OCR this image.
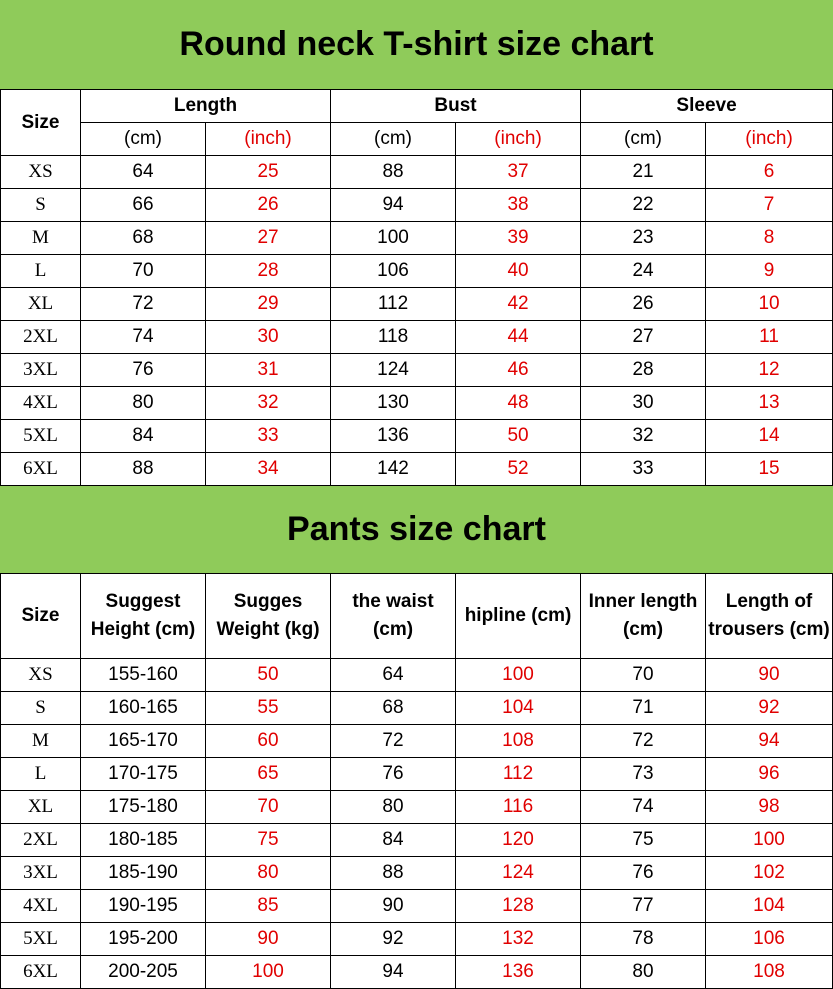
Round neck T-shirt size chart
Size	Length		Bust		Sleeve	
	(cm)	(inch)	(cm)	(inch)	(cm)	(inch)
XS	64	25	88	37	21	6
S	66	26	94	38	22	7
M	68	27	100	39	23	8
L	70	28	106	40	24	9
XL	72	29	112	42	26	10
2XL	74	30	118	44	27	11
3XL	76	31	124	46	28	12
4XL	80	32	130	48	30	13
5XL	84	33	136	50	32	14
6XL	88	34	142	52	33	15
Pants size chart
Size	Suggest Height (cm)	Sugges Weight (kg)	the waist (cm)	hipline (cm)	Inner length (cm)	Length of trousers (cm)
XS	155-160	50	64	100	70	90
S	160-165	55	68	104	71	92
M	165-170	60	72	108	72	94
L	170-175	65	76	112	73	96
XL	175-180	70	80	116	74	98
2XL	180-185	75	84	120	75	100
3XL	185-190	80	88	124	76	102
4XL	190-195	85	90	128	77	104
5XL	195-200	90	92	132	78	106
6XL	200-205	100	94	136	80	108
